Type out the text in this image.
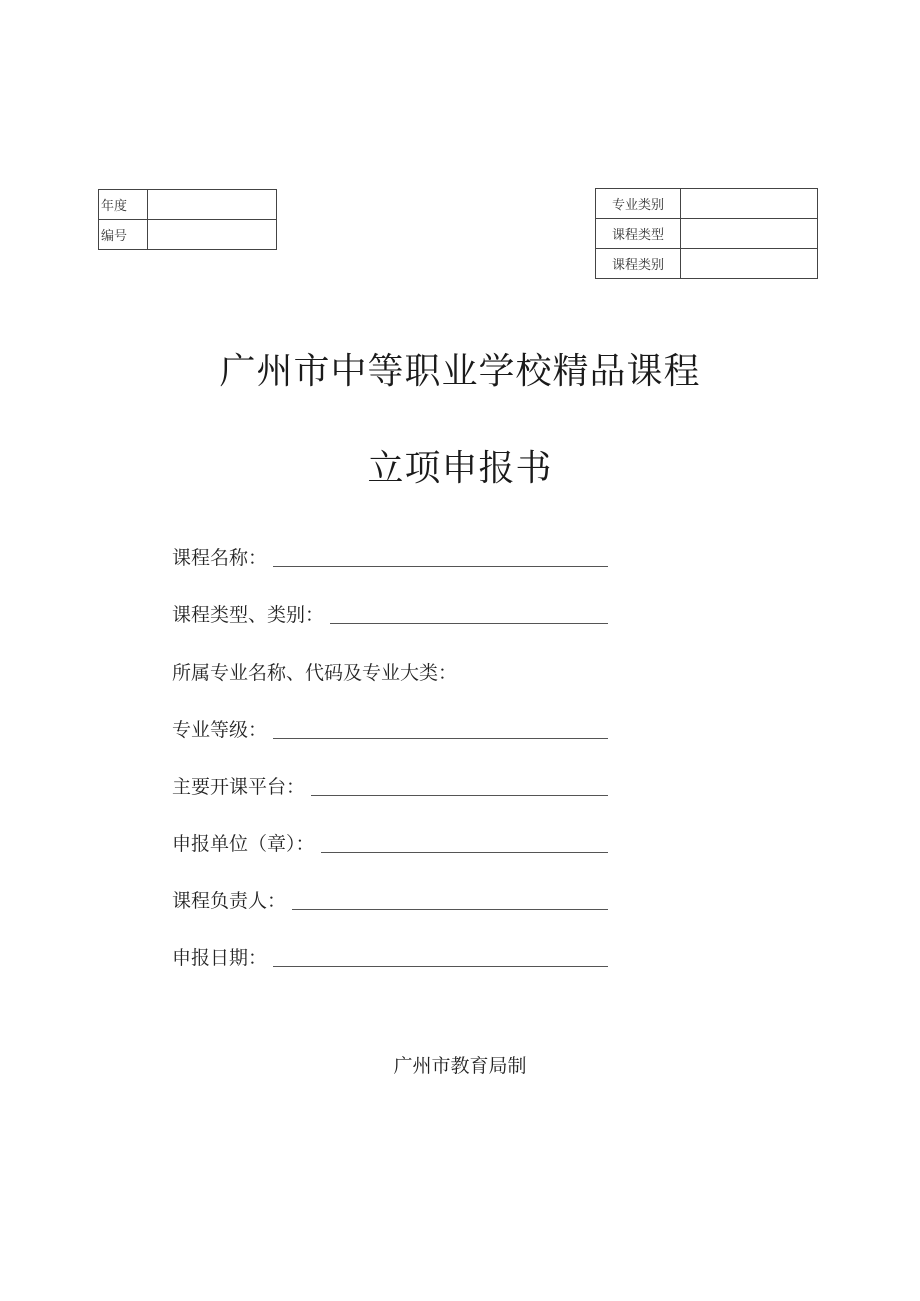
年度	
编号	
专业类别	
课程类型	
课程类别	
广州市中等职业学校精品课程
立项申报书
课程名称：
课程类型、类别：
所属专业名称、代码及专业大类：
专业等级：
主要开课平台：
申报单位（章）：
课程负责人：
申报日期：
广州市教育局制
